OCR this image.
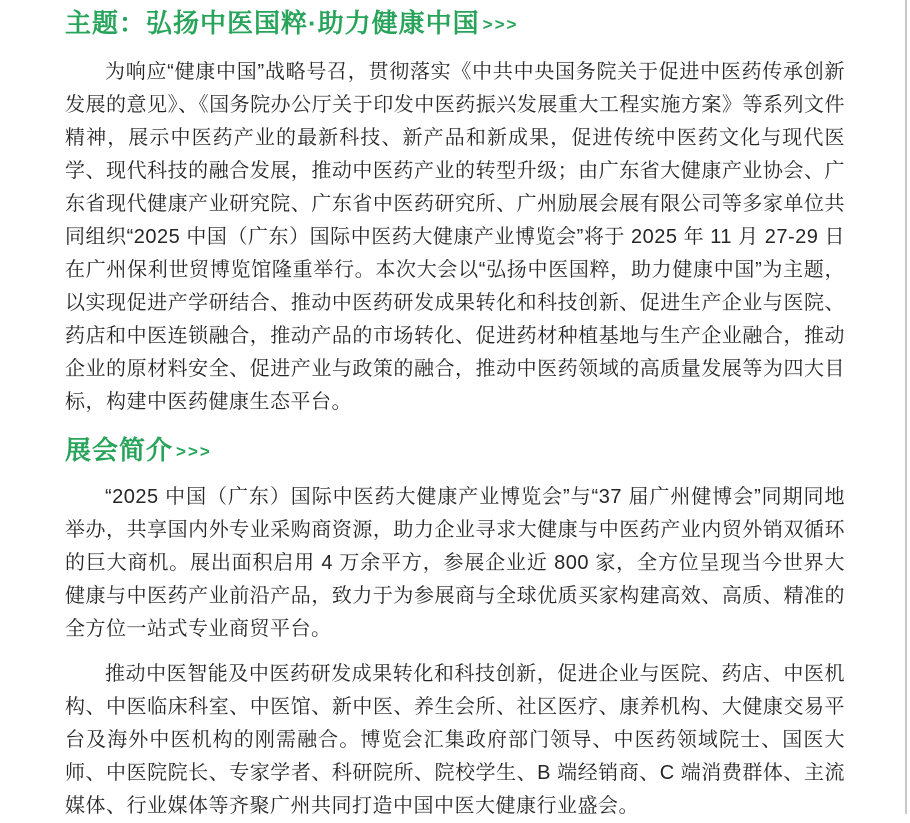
主题：弘扬中医国粹·助力健康中国 >>>

为响应“健康中国”战略号召，贯彻落实《中共中央国务院关于促进中医药传承创新发展的意见》、《国务院办公厅关于印发中医药振兴发展重大工程实施方案》等系列文件精神，展示中医药产业的最新科技、新产品和新成果，促进传统中医药文化与现代医学、现代科技的融合发展，推动中医药产业的转型升级；由广东省大健康产业协会、广东省现代健康产业研究院、广东省中医药研究所、广州励展会展有限公司等多家单位共同组织“2025 中国（广东）国际中医药大健康产业博览会”将于 2025 年 11 月 27-29 日在广州保利世贸博览馆隆重举行。本次大会以“弘扬中医国粹，助力健康中国”为主题，以实现促进产学研结合、推动中医药研发成果转化和科技创新、促进生产企业与医院、药店和中医连锁融合，推动产品的市场转化、促进药材种植基地与生产企业融合，推动企业的原材料安全、促进产业与政策的融合，推动中医药领域的高质量发展等为四大目标，构建中医药健康生态平台。

展会简介 >>>

“2025 中国（广东）国际中医药大健康产业博览会”与“37 届广州健博会”同期同地举办，共享国内外专业采购商资源，助力企业寻求大健康与中医药产业内贸外销双循环的巨大商机。展出面积启用 4 万余平方，参展企业近 800 家，全方位呈现当今世界大健康与中医药产业前沿产品，致力于为参展商与全球优质买家构建高效、高质、精准的全方位一站式专业商贸平台。

推动中医智能及中医药研发成果转化和科技创新，促进企业与医院、药店、中医机构、中医临床科室、中医馆、新中医、养生会所、社区医疗、康养机构、大健康交易平台及海外中医机构的刚需融合。博览会汇集政府部门领导、中医药领域院士、国医大师、中医院院长、专家学者、科研院所、院校学生、B 端经销商、C 端消费群体、主流媒体、行业媒体等齐聚广州共同打造中国中医大健康行业盛会。
